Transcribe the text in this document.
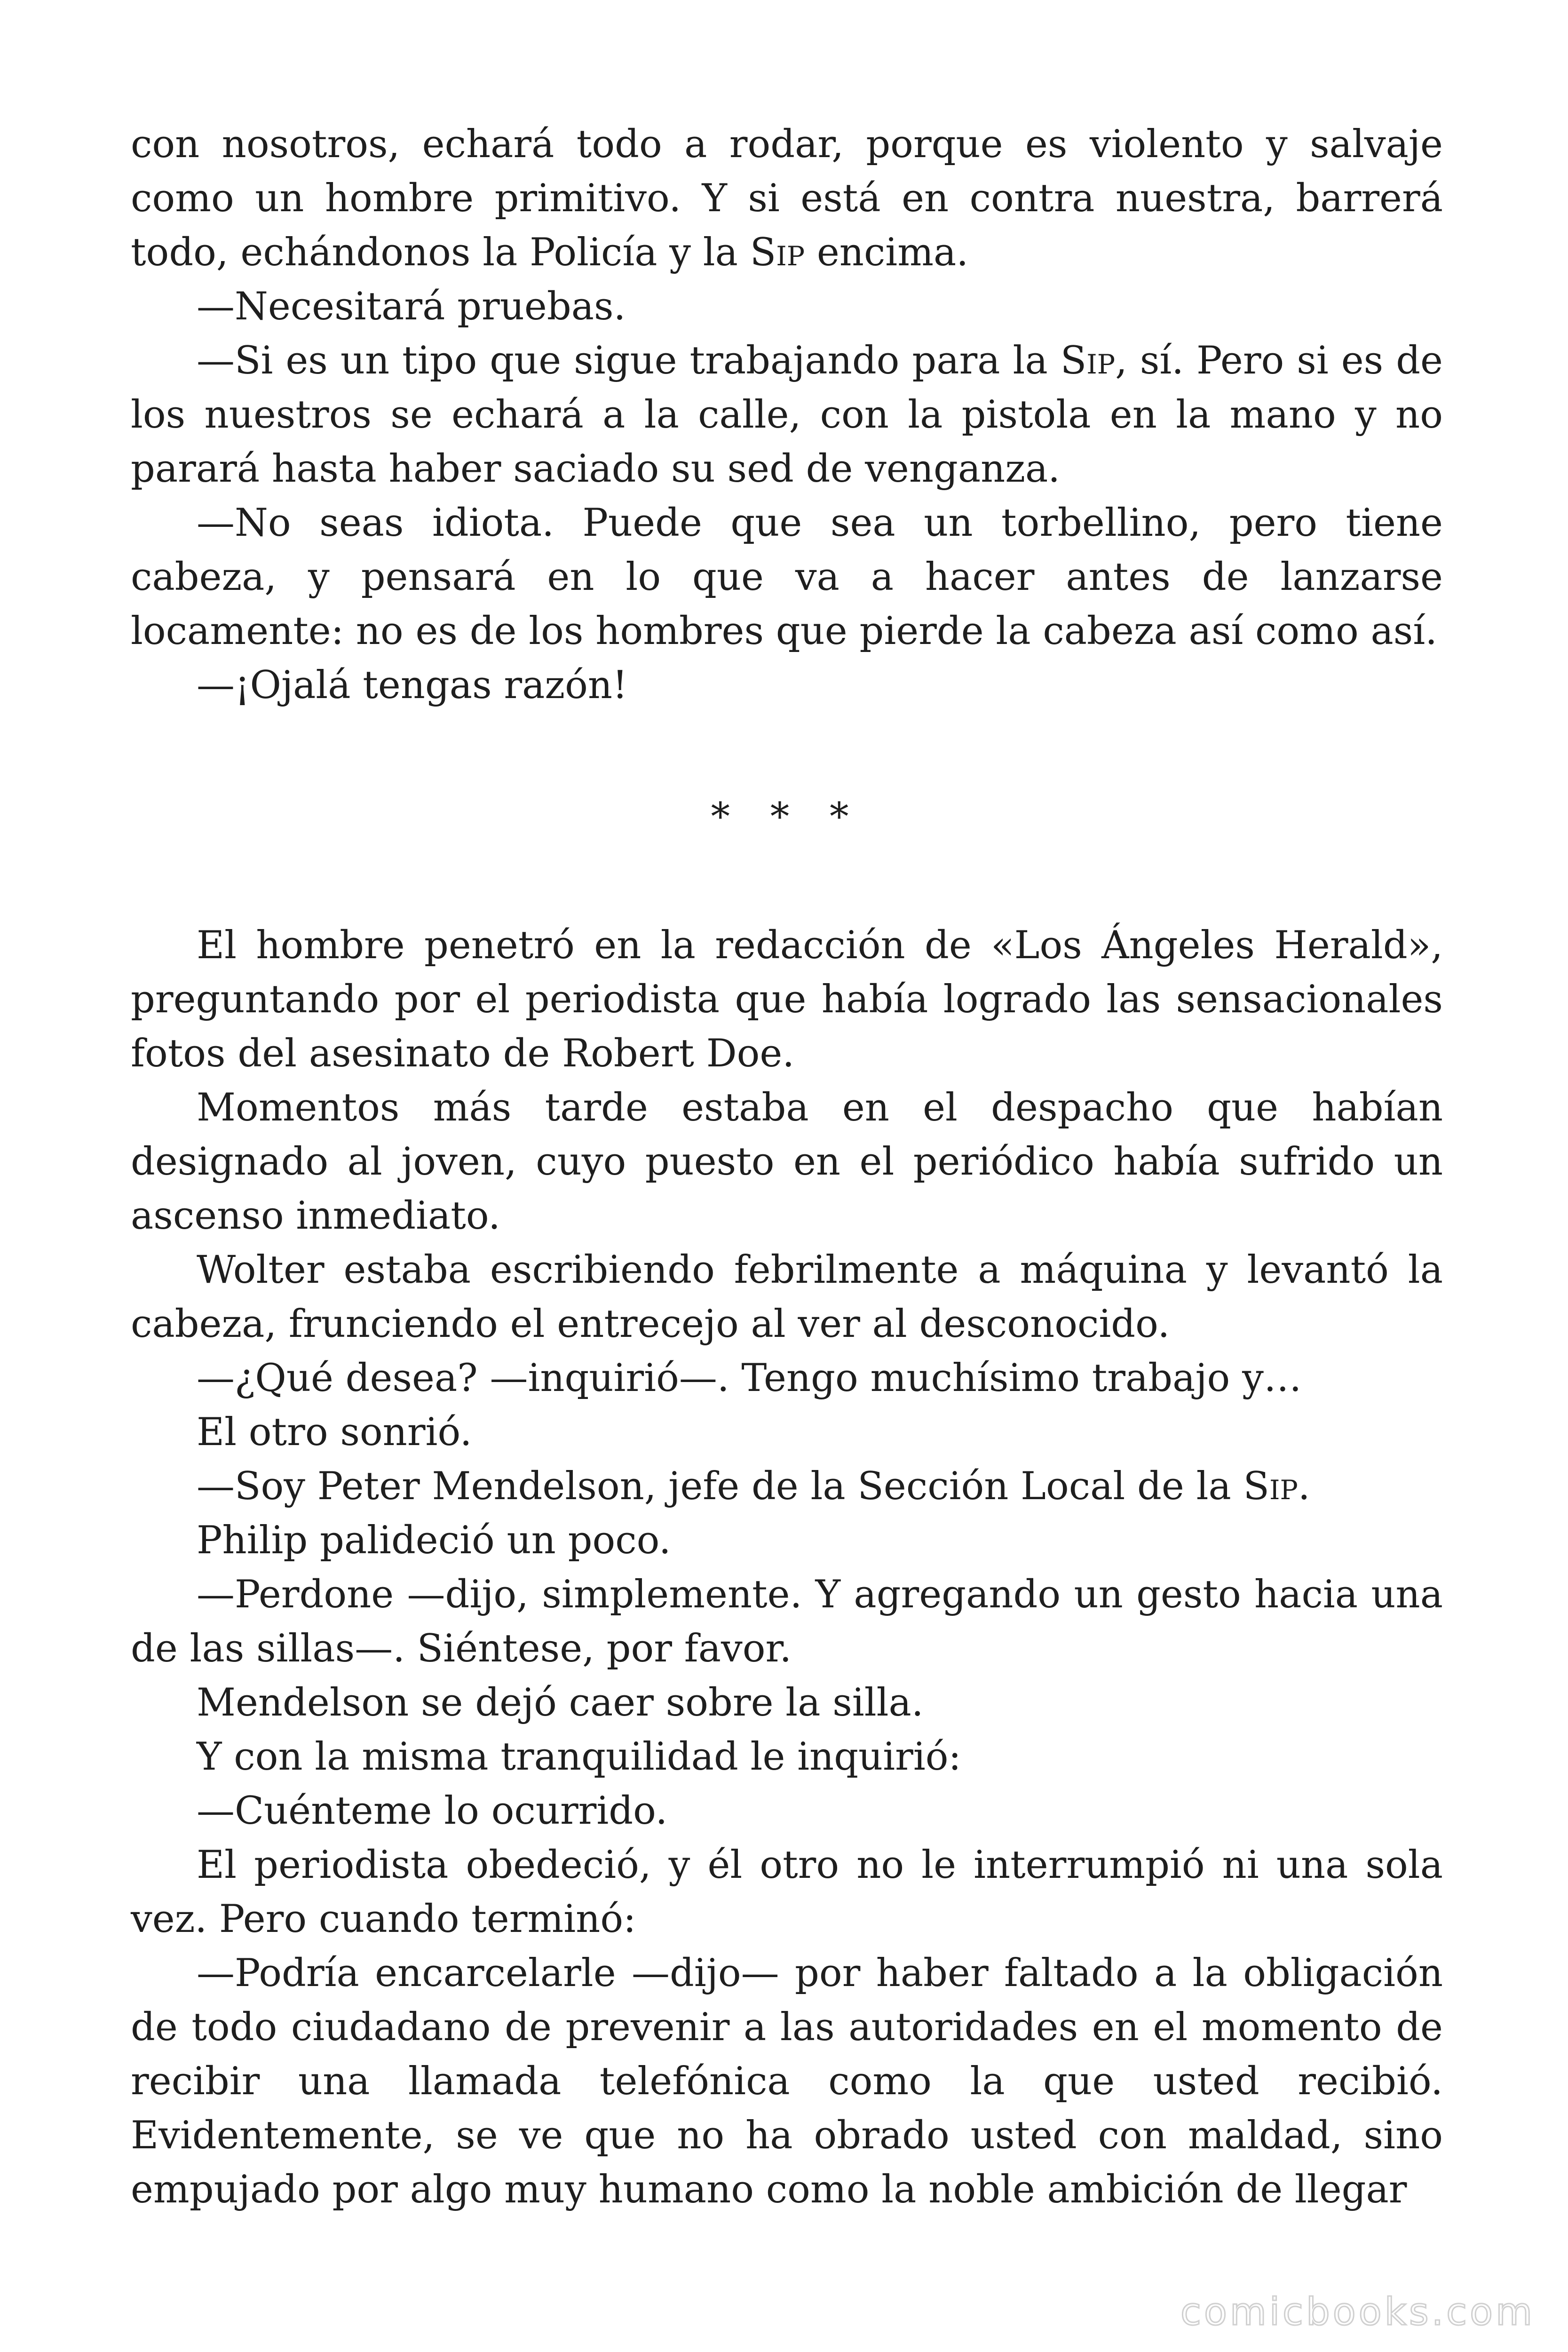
con nosotros, echará todo a rodar, porque es violento y salvaje como un hombre primitivo. Y si está en contra nuestra, barrerá todo, echándonos la Policía y la Sip encima.

—Necesitará pruebas.

—Si es un tipo que sigue trabajando para la Sip, sí. Pero si es de los nuestros se echará a la calle, con la pistola en la mano y no parará hasta haber saciado su sed de venganza.

—No seas idiota. Puede que sea un torbellino, pero tiene cabeza, y pensará en lo que va a hacer antes de lanzarse locamente: no es de los hombres que pierde la cabeza así como así.

—¡Ojalá tengas razón!

* * *

El hombre penetró en la redacción de «Los Ángeles Herald», preguntando por el periodista que había logrado las sensacionales fotos del asesinato de Robert Doe.

Momentos más tarde estaba en el despacho que habían designado al joven, cuyo puesto en el periódico había sufrido un ascenso inmediato.

Wolter estaba escribiendo febrilmente a máquina y levantó la cabeza, frunciendo el entrecejo al ver al desconocido.

—¿Qué desea? —inquirió—. Tengo muchísimo trabajo y…

El otro sonrió.

—Soy Peter Mendelson, jefe de la Sección Local de la Sip.

Philip palideció un poco.

—Perdone —dijo, simplemente. Y agregando un gesto hacia una de las sillas—. Siéntese, por favor.

Mendelson se dejó caer sobre la silla.

Y con la misma tranquilidad le inquirió:

—Cuénteme lo ocurrido.

El periodista obedeció, y él otro no le interrumpió ni una sola vez. Pero cuando terminó:

—Podría encarcelarle —dijo— por haber faltado a la obligación de todo ciudadano de prevenir a las autoridades en el momento de recibir una llamada telefónica como la que usted recibió. Evidentemente, se ve que no ha obrado usted con maldad, sino empujado por algo muy humano como la noble ambición de llegar

comicbooks.com
